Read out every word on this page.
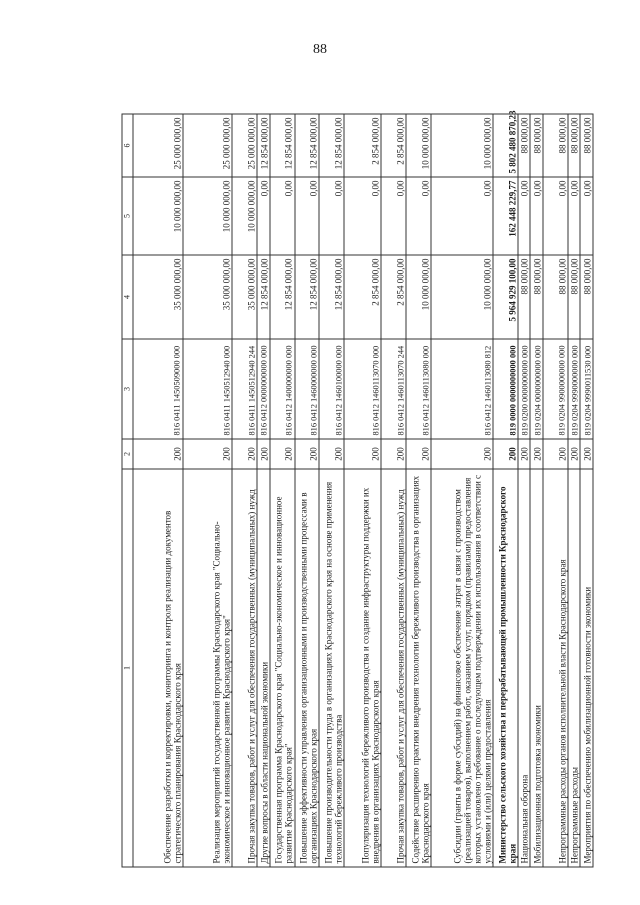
88
1	2	3	4	5	6
Обеспечение разработки и корректировки, мониторинга и контроля реализации документов стратегического планирования Краснодарского края	200	816 0411 1450509000 000	35 000 000,00	10 000 000,00	25 000 000,00
Реализация мероприятий государственной программы Краснодарского края "Социально-экономическое и инновационное развитие Краснодарского края"	200	816 0411 1450512940 000	35 000 000,00	10 000 000,00	25 000 000,00
Прочая закупка товаров, работ и услуг для обеспечения государственных (муниципальных) нужд	200	816 0411 1450512940 244	35 000 000,00	10 000 000,00	25 000 000,00
Другие вопросы в области национальной экономики	200	816 0412 0000000000 000	12 854 000,00	0,00	12 854 000,00
Государственная программа Краснодарского края "Социально-экономическое и инновационное развитие Краснодарского края"	200	816 0412 1400000000 000	12 854 000,00	0,00	12 854 000,00
Повышение эффективности управления организационными и производственными процессами в организациях Краснодарского края	200	816 0412 1460000000 000	12 854 000,00	0,00	12 854 000,00
Повышение производительности труда в организациях Краснодарского края на основе применения технологий бережливого производства	200	816 0412 1460100000 000	12 854 000,00	0,00	12 854 000,00
Популяризация технологий бережливого производства и создание инфраструктуры поддержки их внедрения в организациях Краснодарского края	200	816 0412 1460113070 000	2 854 000,00	0,00	2 854 000,00
Прочая закупка товаров, работ и услуг для обеспечения государственных (муниципальных) нужд	200	816 0412 1460113070 244	2 854 000,00	0,00	2 854 000,00
Содействие расширению практики внедрения технологии бережливого производства в организациях Краснодарского края	200	816 0412 1460113080 000	10 000 000,00	0,00	10 000 000,00
Субсидии (гранты в форме субсидий) на финансовое обеспечение затрат в связи с производством (реализацией товаров), выполнением работ, оказанием услуг, порядком (правилами) предоставления которых установлено требование о последующем подтверждении их использования в соответствии с условиями и (или) целями предоставления	200	816 0412 1460113080 812	10 000 000,00	0,00	10 000 000,00
Министерство сельского хозяйства и перерабатывающей промышленности Краснодарского края	200	819 0000 0000000000 000	5 964 929 100,00	162 448 229,77	5 802 480 870,23
Национальная оборона	200	819 0200 0000000000 000	88 000,00	0,00	88 000,00
Мобилизационная подготовка экономики	200	819 0204 0000000000 000	88 000,00	0,00	88 000,00
Непрограммные расходы органов исполнительной власти Краснодарского края	200	819 0204 9900000000 000	88 000,00	0,00	88 000,00
Непрограммные расходы	200	819 0204 9990000000 000	88 000,00	0,00	88 000,00
Мероприятия по обеспечению мобилизационной готовности экономики	200	819 0204 9990011530 000	88 000,00	0,00	88 000,00
